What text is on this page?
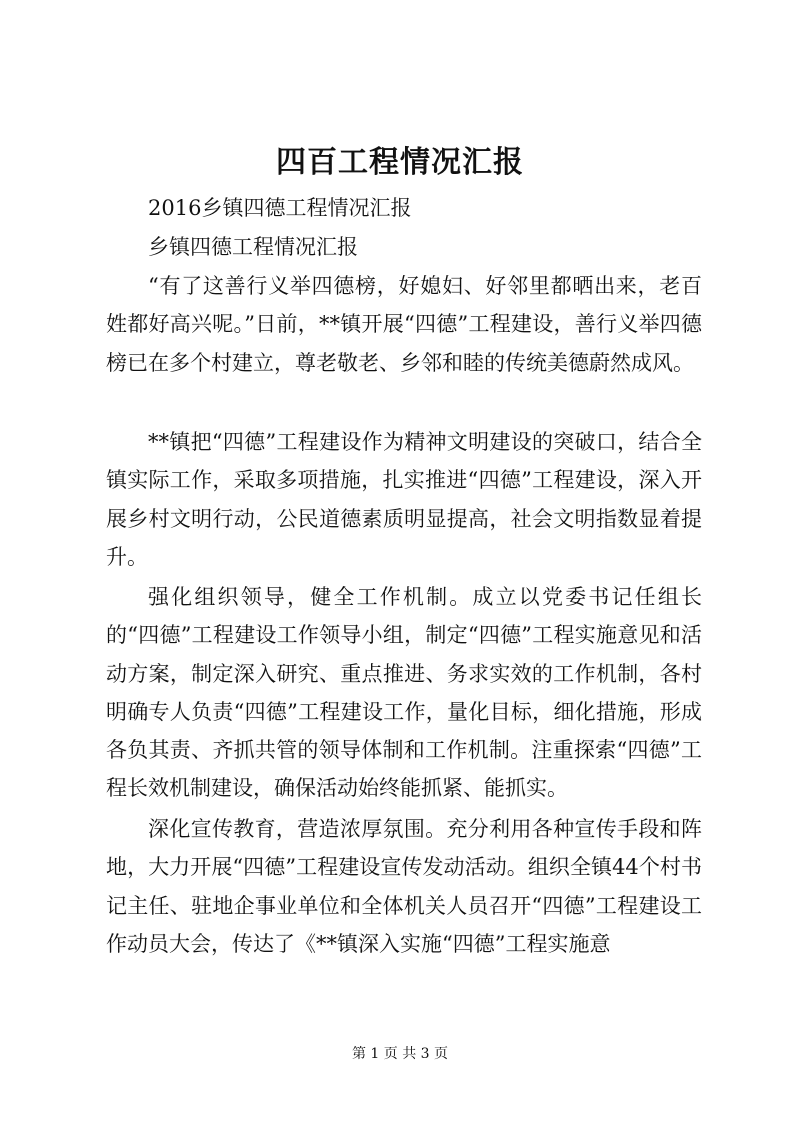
四百工程情况汇报

2016乡镇四德工程情况汇报

乡镇四德工程情况汇报

“有了这善行义举四德榜，好媳妇、好邻里都晒出来，老百姓都好高兴呢。”日前，**镇开展“四德”工程建设，善行义举四德榜已在多个村建立，尊老敬老、乡邻和睦的传统美德蔚然成风。

**镇把“四德”工程建设作为精神文明建设的突破口，结合全镇实际工作，采取多项措施，扎实推进“四德”工程建设，深入开展乡村文明行动，公民道德素质明显提高，社会文明指数显着提升。

强化组织领导，健全工作机制。成立以党委书记任组长的“四德”工程建设工作领导小组，制定“四德”工程实施意见和活动方案，制定深入研究、重点推进、务求实效的工作机制，各村明确专人负责“四德”工程建设工作，量化目标，细化措施，形成各负其责、齐抓共管的领导体制和工作机制。注重探索“四德”工程长效机制建设，确保活动始终能抓紧、能抓实。

深化宣传教育，营造浓厚氛围。充分利用各种宣传手段和阵地，大力开展“四德”工程建设宣传发动活动。组织全镇44个村书记主任、驻地企事业单位和全体机关人员召开“四德”工程建设工作动员大会，传达了《**镇深入实施“四德”工程实施意

第 1 页 共 3 页
